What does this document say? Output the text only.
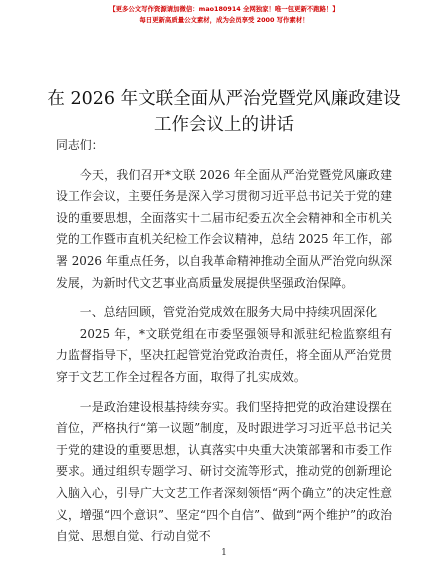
【更多公文写作资源请加微信：mao180914 全网独家！唯一包更新不跑路！】
每日更新高质量公文素材，成为会员享受 2000 写作素材！
在 2026 年文联全面从严治党暨党风廉政建设工作会议上的讲话

同志们：

今天，我们召开*文联 2026 年全面从严治党暨党风廉政建设工作会议，主要任务是深入学习贯彻习近平总书记关于党的建设的重要思想，全面落实十二届市纪委五次全会精神和全市机关党的工作暨市直机关纪检工作会议精神，总结 2025 年工作，部署 2026 年重点任务，以自我革命精神推动全面从严治党向纵深发展，为新时代文艺事业高质量发展提供坚强政治保障。

一、总结回顾，管党治党成效在服务大局中持续巩固深化

2025 年，*文联党组在市委坚强领导和派驻纪检监察组有力监督指导下，坚决扛起管党治党政治责任，将全面从严治党贯穿于文艺工作全过程各方面，取得了扎实成效。

一是政治建设根基持续夯实。我们坚持把党的政治建设摆在首位，严格执行“第一议题”制度，及时跟进学习习近平总书记关于党的建设的重要思想，认真落实中央重大决策部署和市委工作要求。通过组织专题学习、研讨交流等形式，推动党的创新理论入脑入心，引导广大文艺工作者深刻领悟“两个确立”的决定性意义，增强“四个意识”、坚定“四个自信”、做到“两个维护”的政治自觉、思想自觉、行动自觉不

1
